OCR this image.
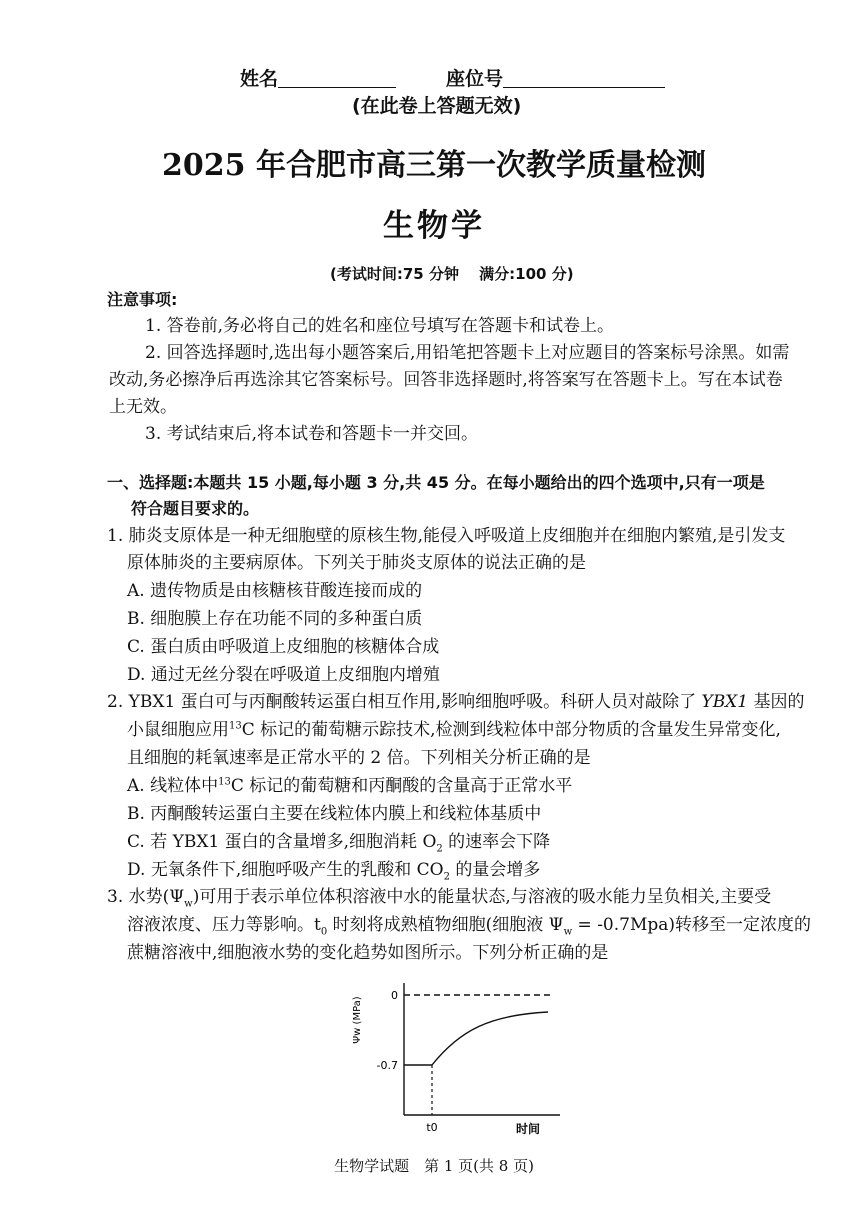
姓名	座位号
(在此卷上答题无效)
2025 年合肥市高三第一次教学质量检测
生物学
(考试时间:75 分钟　 满分:100 分)
注意事项:
1. 答卷前,务必将自己的姓名和座位号填写在答题卡和试卷上。
2. 回答选择题时,选出每小题答案后,用铅笔把答题卡上对应题目的答案标号涂黑。如需
改动,务必擦净后再选涂其它答案标号。回答非选择题时,将答案写在答题卡上。写在本试卷
上无效。
3. 考试结束后,将本试卷和答题卡一并交回。
一、选择题:本题共 15 小题,每小题 3 分,共 45 分。在每小题给出的四个选项中,只有一项是
符合题目要求的。
1. 肺炎支原体是一种无细胞壁的原核生物,能侵入呼吸道上皮细胞并在细胞内繁殖,是引发支
原体肺炎的主要病原体。下列关于肺炎支原体的说法正确的是
A. 遗传物质是由核糖核苷酸连接而成的
B. 细胞膜上存在功能不同的多种蛋白质
C. 蛋白质由呼吸道上皮细胞的核糖体合成
D. 通过无丝分裂在呼吸道上皮细胞内增殖
2. YBX1 蛋白可与丙酮酸转运蛋白相互作用,影响细胞呼吸。科研人员对敲除了 YBX1 基因的
小鼠细胞应用$^{13}$C 标记的葡萄糖示踪技术,检测到线粒体中部分物质的含量发生异常变化,
且细胞的耗氧速率是正常水平的 2 倍。下列相关分析正确的是
A. 线粒体中$^{13}$C 标记的葡萄糖和丙酮酸的含量高于正常水平
B. 丙酮酸转运蛋白主要在线粒体内膜上和线粒体基质中
C. 若 YBX1 蛋白的含量增多,细胞消耗 $O_2$ 的速率会下降
D. 无氧条件下,细胞呼吸产生的乳酸和 $CO_2$ 的量会增多
3. 水势$(\Psi_w)$可用于表示单位体积溶液中水的能量状态,与溶液的吸水能力呈负相关,主要受
溶液浓度、压力等影响。$t_0$ 时刻将成熟植物细胞(细胞液 $\Psi_w = -0.7Mpa$)转移至一定浓度的
蔗糖溶液中,细胞液水势的变化趋势如图所示。下列分析正确的是
Ψw (MPa)
0
-0.7
t0	时间
生物学试题　第 1 页(共 8 页)
